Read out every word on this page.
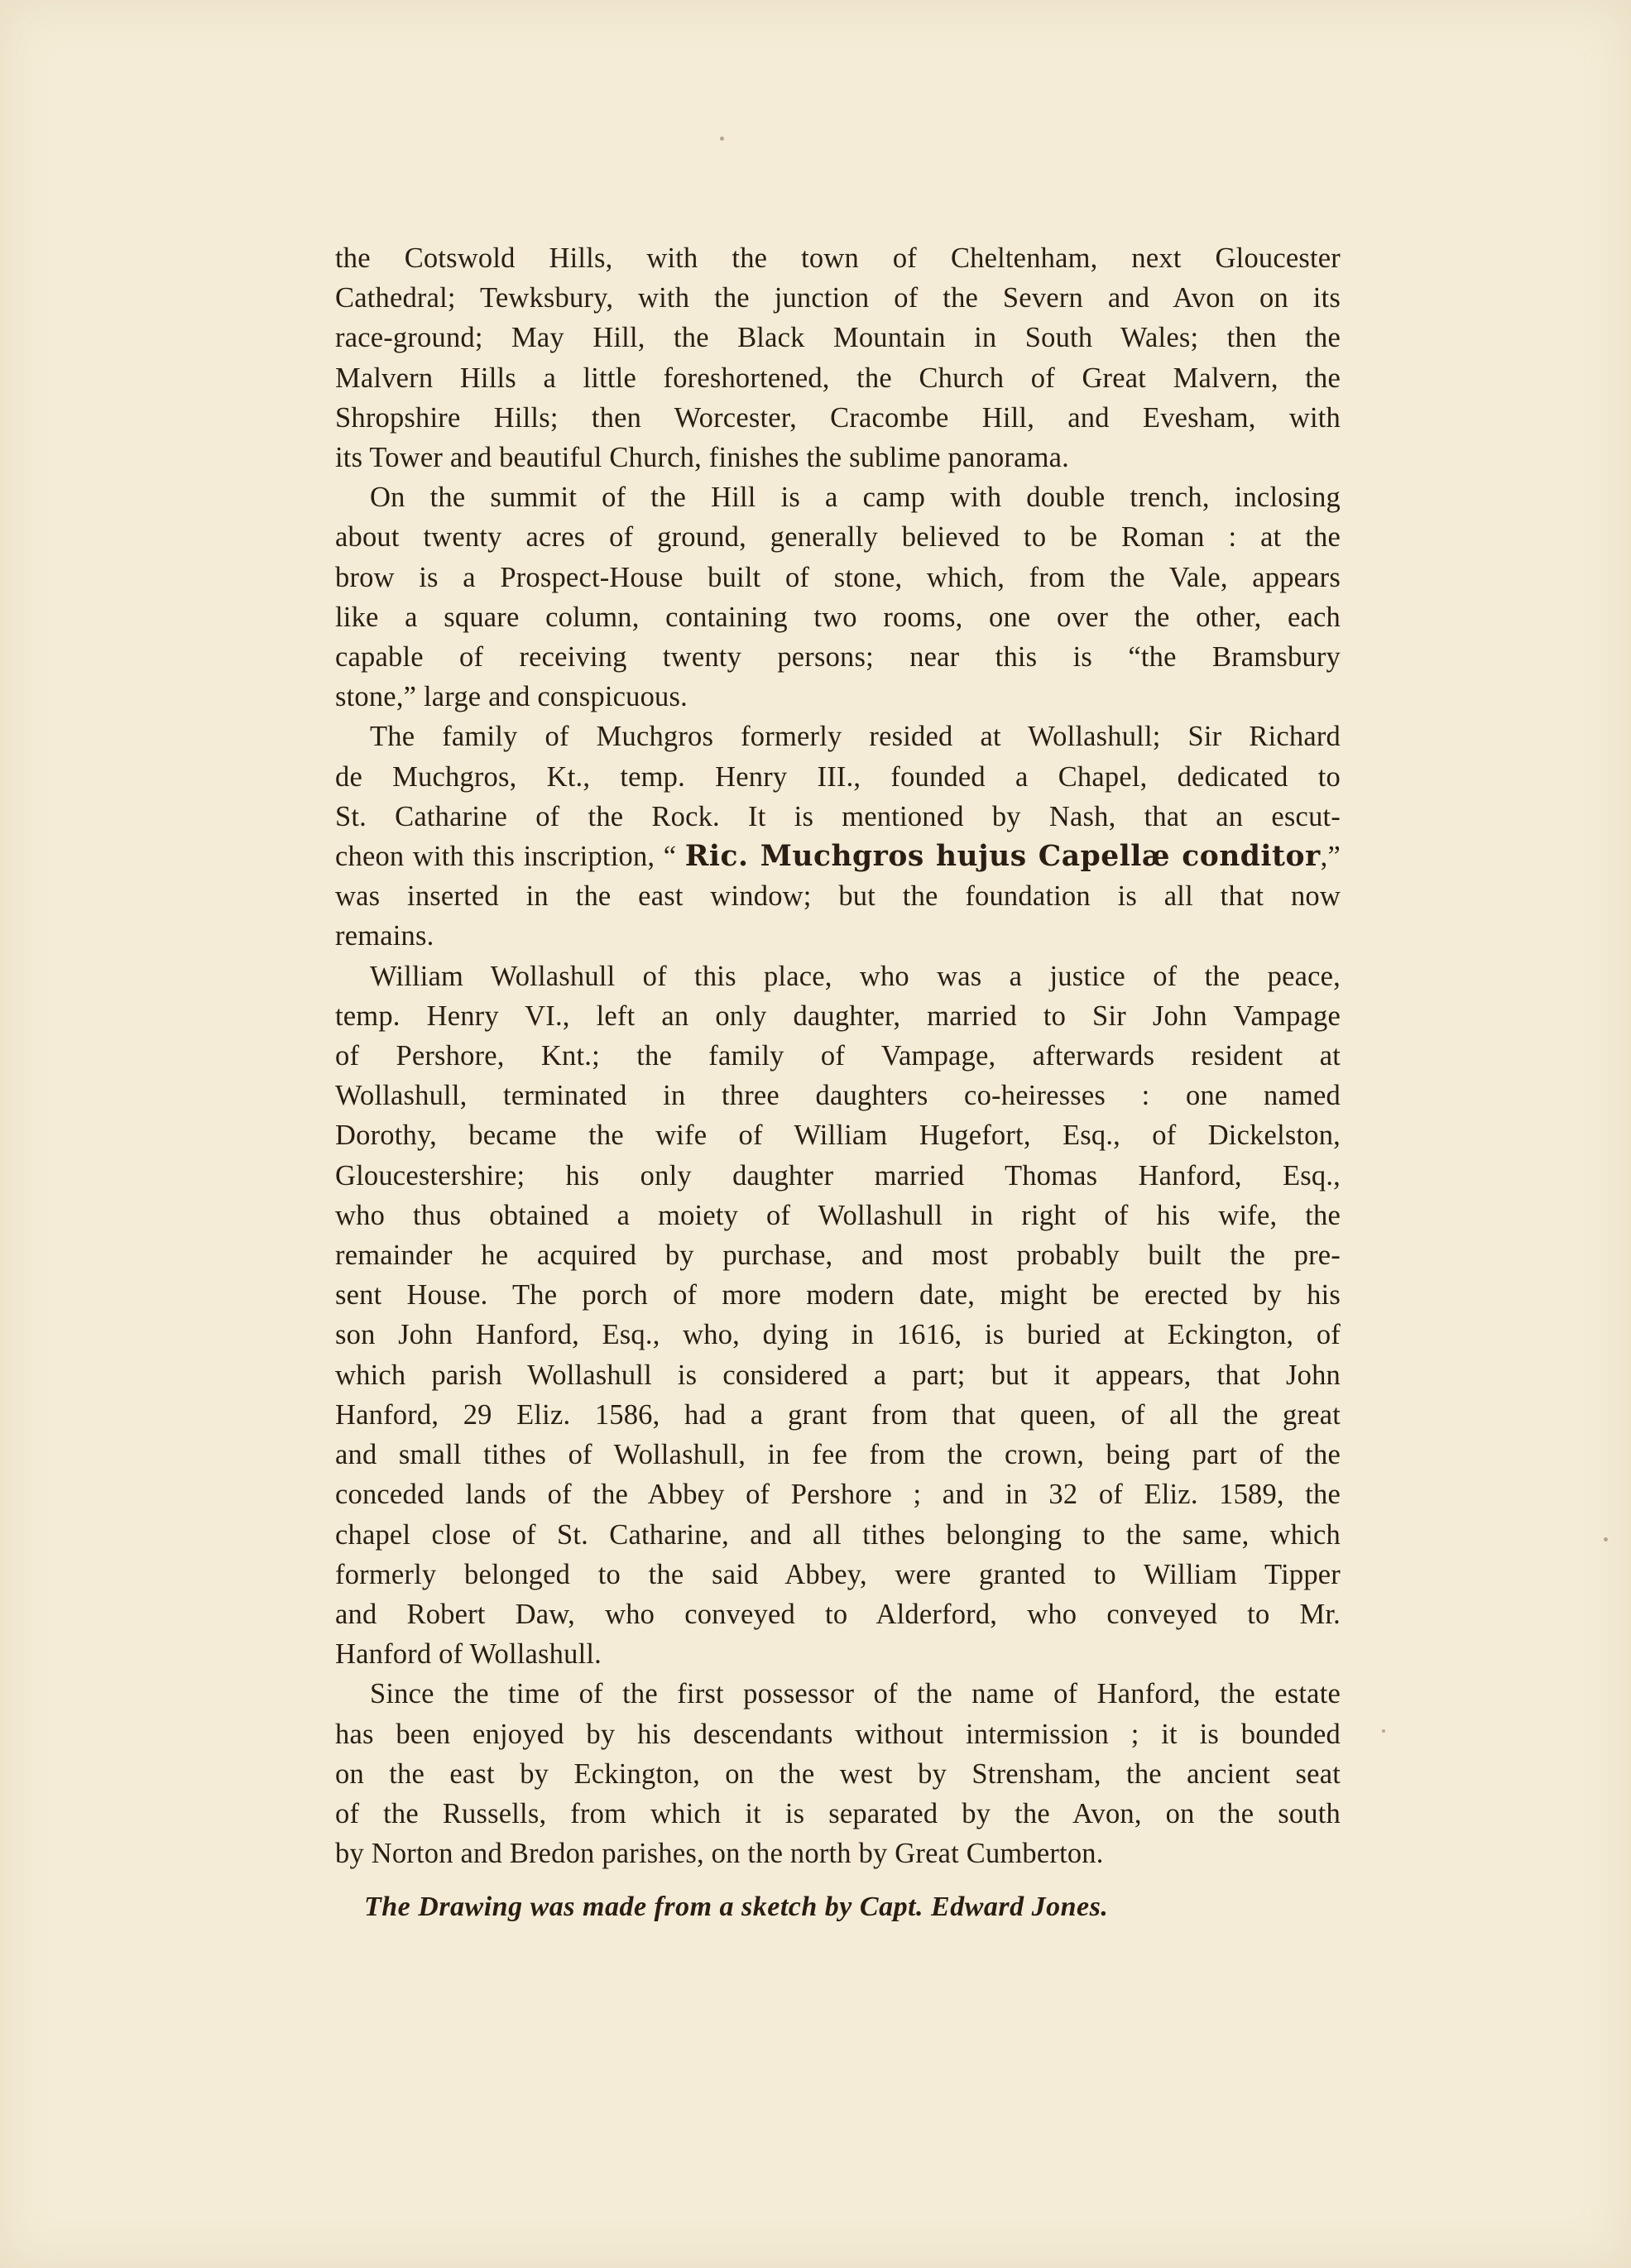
the Cotswold Hills, with the town of Cheltenham, next Gloucester
Cathedral; Tewksbury, with the junction of the Severn and Avon on its
race-ground; May Hill, the Black Mountain in South Wales; then the
Malvern Hills a little foreshortened, the Church of Great Malvern, the
Shropshire Hills; then Worcester, Cracombe Hill, and Evesham, with
its Tower and beautiful Church, finishes the sublime panorama.
On the summit of the Hill is a camp with double trench, inclosing
about twenty acres of ground, generally believed to be Roman : at the
brow is a Prospect-House built of stone, which, from the Vale, appears
like a square column, containing two rooms, one over the other, each
capable of receiving twenty persons; near this is “the Bramsbury
stone,” large and conspicuous.
The family of Muchgros formerly resided at Wollashull; Sir Richard
de Muchgros, Kt., temp. Henry III., founded a Chapel, dedicated to
St. Catharine of the Rock. It is mentioned by Nash, that an escut-
cheon with this inscription, “ Ric. Muchgros hujus Capellæ conditor,”
was inserted in the east window; but the foundation is all that now
remains.
William Wollashull of this place, who was a justice of the peace,
temp. Henry VI., left an only daughter, married to Sir John Vampage
of Pershore, Knt.; the family of Vampage, afterwards resident at
Wollashull, terminated in three daughters co-heiresses : one named
Dorothy, became the wife of William Hugefort, Esq., of Dickelston,
Gloucestershire; his only daughter married Thomas Hanford, Esq.,
who thus obtained a moiety of Wollashull in right of his wife, the
remainder he acquired by purchase, and most probably built the pre-
sent House. The porch of more modern date, might be erected by his
son John Hanford, Esq., who, dying in 1616, is buried at Eckington, of
which parish Wollashull is considered a part; but it appears, that John
Hanford, 29 Eliz. 1586, had a grant from that queen, of all the great
and small tithes of Wollashull, in fee from the crown, being part of the
conceded lands of the Abbey of Pershore ; and in 32 of Eliz. 1589, the
chapel close of St. Catharine, and all tithes belonging to the same, which
formerly belonged to the said Abbey, were granted to William Tipper
and Robert Daw, who conveyed to Alderford, who conveyed to Mr.
Hanford of Wollashull.
Since the time of the first possessor of the name of Hanford, the estate
has been enjoyed by his descendants without intermission ; it is bounded
on the east by Eckington, on the west by Strensham, the ancient seat
of the Russells, from which it is separated by the Avon, on the south
by Norton and Bredon parishes, on the north by Great Cumberton.
The Drawing was made from a sketch by Capt. Edward Jones.
